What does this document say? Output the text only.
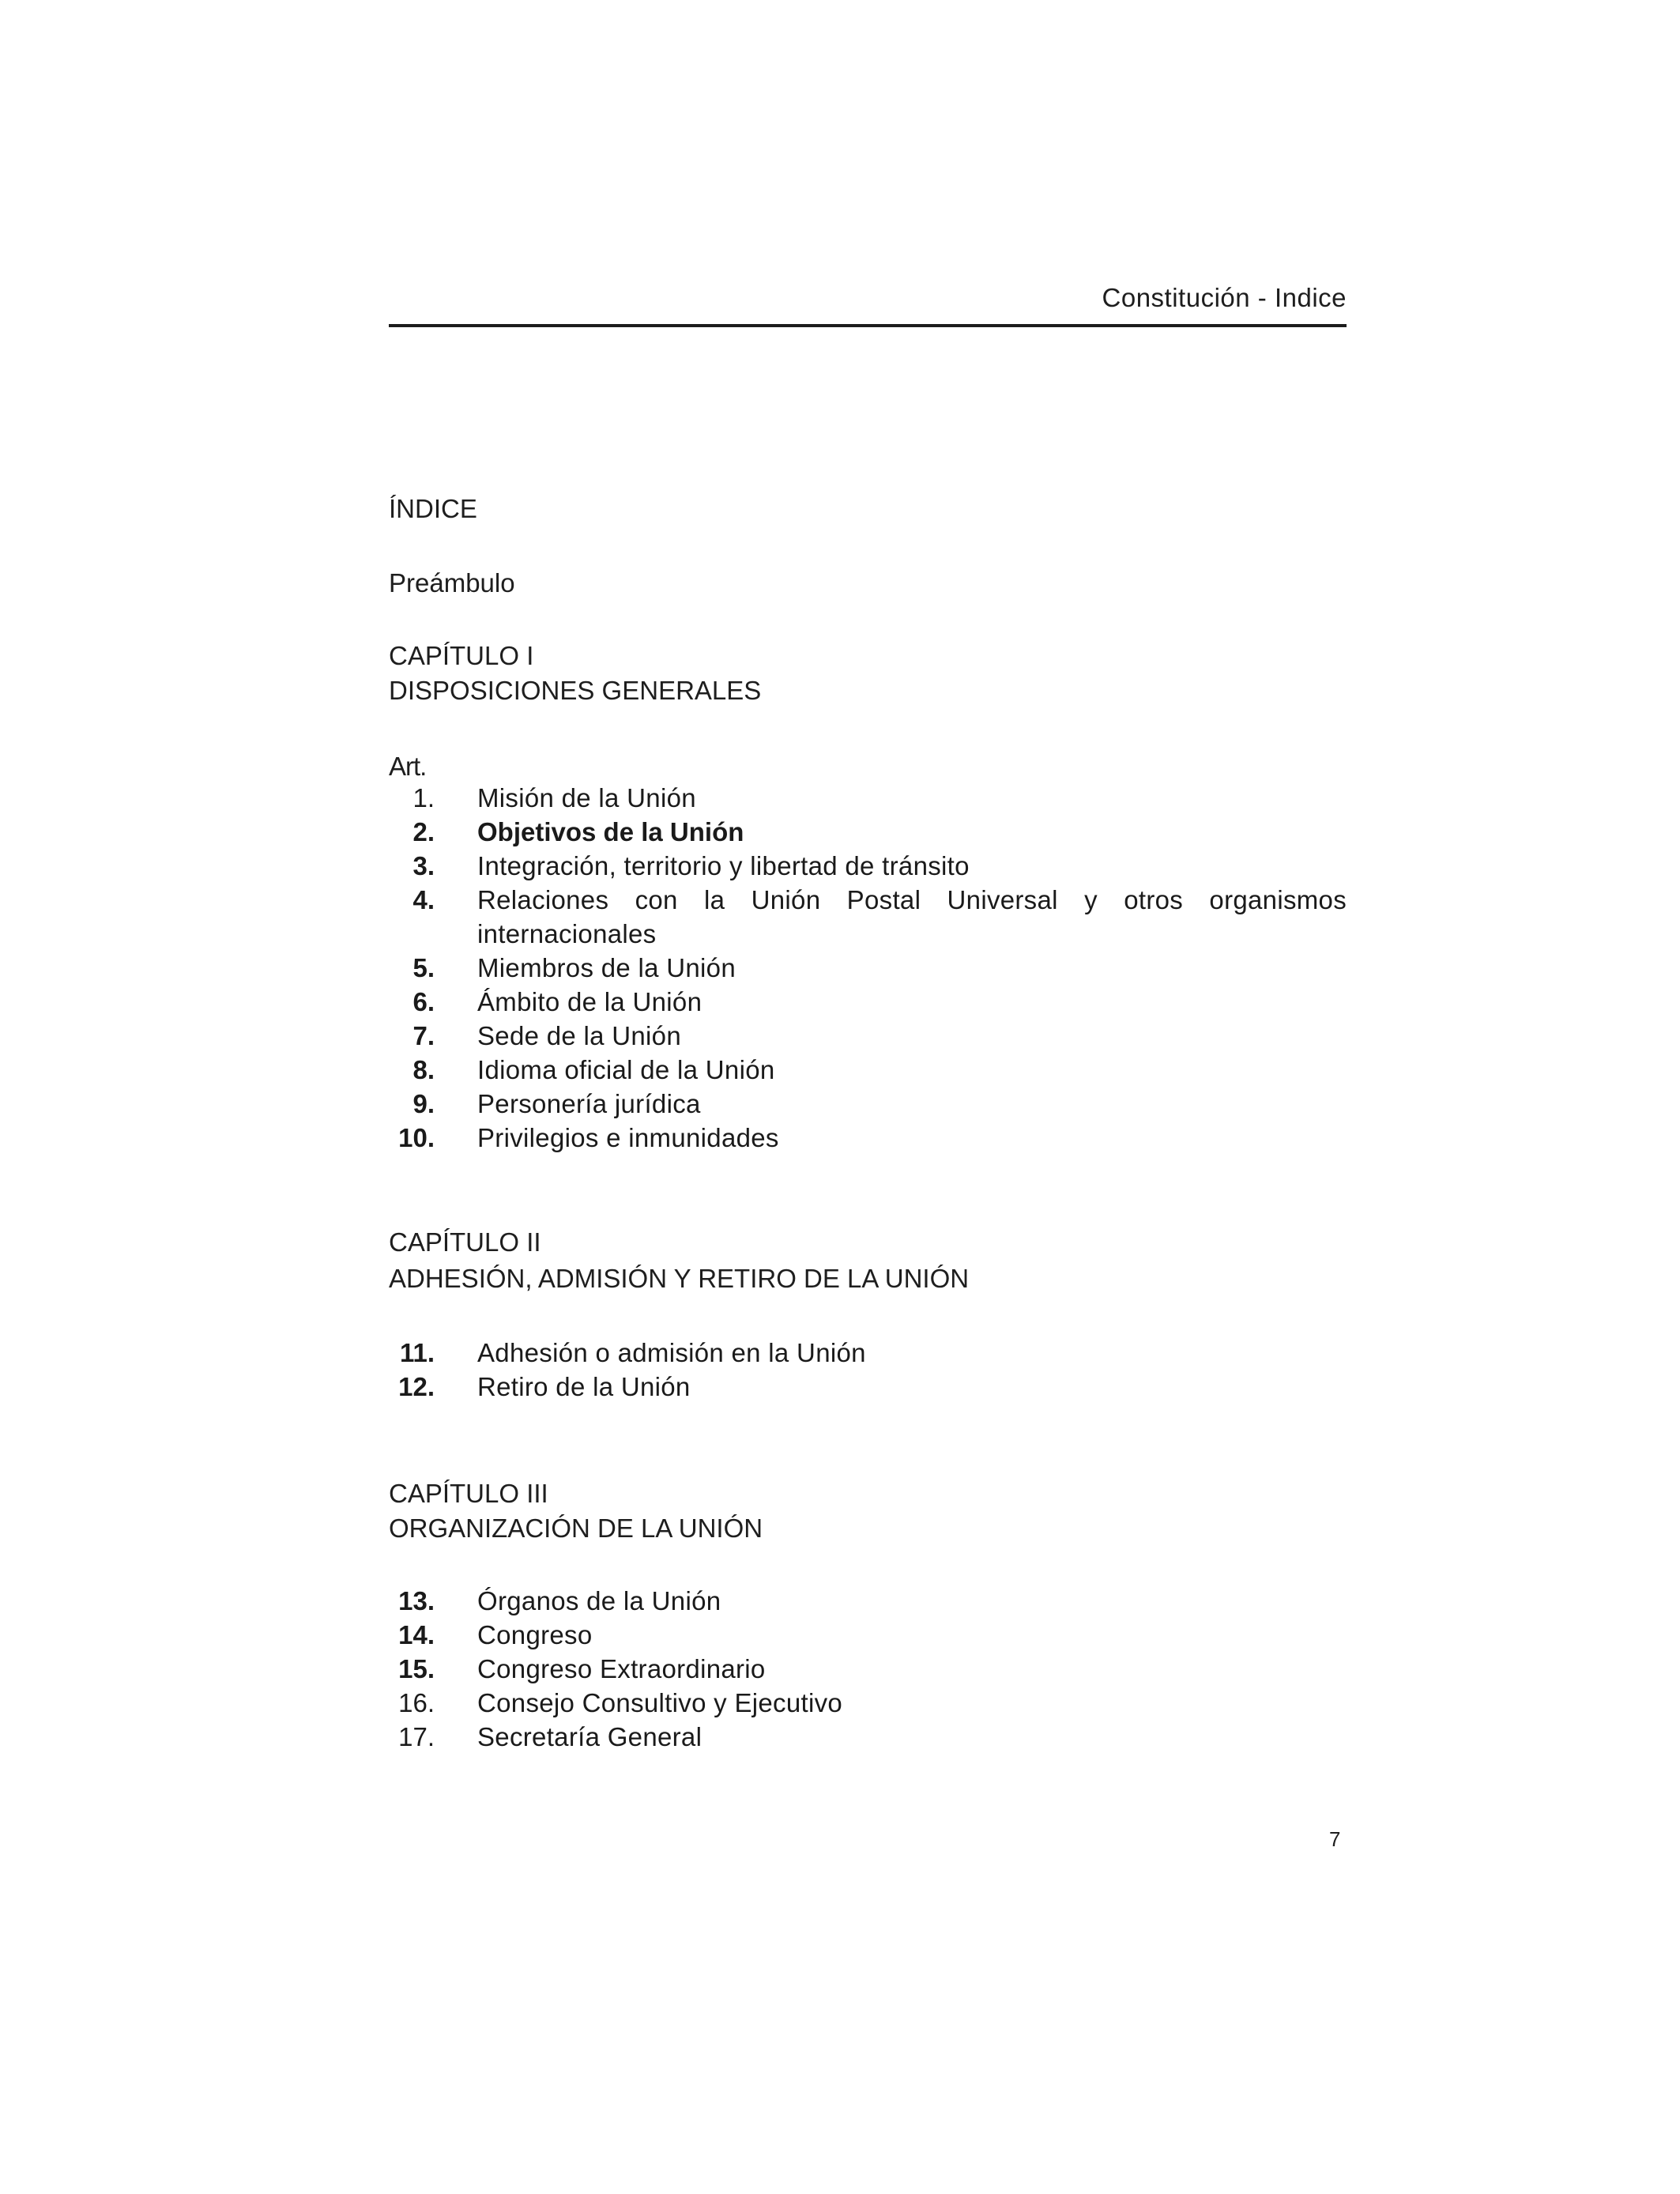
Constitución - Indice
ÍNDICE
Preámbulo
CAPÍTULO I
DISPOSICIONES GENERALES
Art.
1. Misión de la Unión
2. Objetivos de la Unión
3. Integración, territorio y libertad de tránsito
4. Relaciones con la Unión Postal Universal y otros organismos internacionales
5. Miembros de la Unión
6. Ámbito de la Unión
7. Sede de la Unión
8. Idioma oficial de la Unión
9. Personería jurídica
10. Privilegios e inmunidades
CAPÍTULO II
ADHESIÓN, ADMISIÓN Y RETIRO DE LA UNIÓN
11. Adhesión o admisión en la Unión
12. Retiro de la Unión
CAPÍTULO III
ORGANIZACIÓN DE LA UNIÓN
13. Órganos de la Unión
14. Congreso
15. Congreso Extraordinario
16. Consejo Consultivo y Ejecutivo
17. Secretaría General
7
